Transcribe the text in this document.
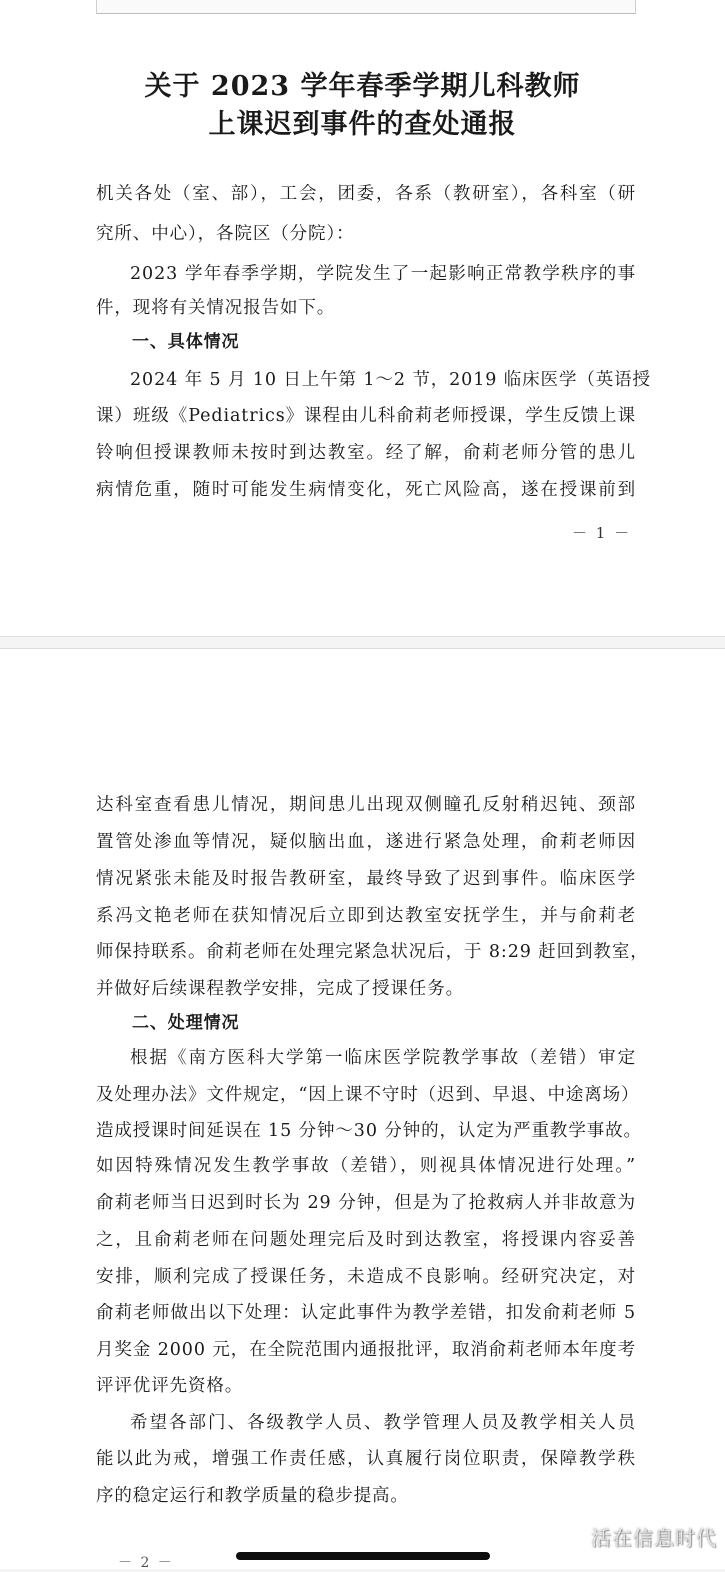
关于 2023 学年春季学期儿科教师
上课迟到事件的查处通报
机关各处（室、部），工会，团委，各系（教研室），各科室（研
究所、中心），各院区（分院）：
2023 学年春季学期，学院发生了一起影响正常教学秩序的事
件，现将有关情况报告如下。
一、具体情况
2024 年 5 月 10 日上午第 1～2 节，2019 临床医学（英语授
课）班级《Pediatrics》课程由儿科俞莉老师授课，学生反馈上课
铃响但授课教师未按时到达教室。经了解，俞莉老师分管的患儿
病情危重，随时可能发生病情变化，死亡风险高，遂在授课前到
－ 1 －
达科室查看患儿情况，期间患儿出现双侧瞳孔反射稍迟钝、颈部
置管处渗血等情况，疑似脑出血，遂进行紧急处理，俞莉老师因
情况紧张未能及时报告教研室，最终导致了迟到事件。临床医学
系冯文艳老师在获知情况后立即到达教室安抚学生，并与俞莉老
师保持联系。俞莉老师在处理完紧急状况后，于 8:29 赶回到教室，
并做好后续课程教学安排，完成了授课任务。
二、处理情况
根据《南方医科大学第一临床医学院教学事故（差错）审定
及处理办法》文件规定，“因上课不守时（迟到、早退、中途离场）
造成授课时间延误在 15 分钟～30 分钟的，认定为严重教学事故。
如因特殊情况发生教学事故（差错），则视具体情况进行处理。”
俞莉老师当日迟到时长为 29 分钟，但是为了抢救病人并非故意为
之，且俞莉老师在问题处理完后及时到达教室，将授课内容妥善
安排，顺利完成了授课任务，未造成不良影响。经研究决定，对
俞莉老师做出以下处理：认定此事件为教学差错，扣发俞莉老师 5
月奖金 2000 元，在全院范围内通报批评，取消俞莉老师本年度考
评评优评先资格。
希望各部门、各级教学人员、教学管理人员及教学相关人员
能以此为戒，增强工作责任感，认真履行岗位职责，保障教学秩
序的稳定运行和教学质量的稳步提高。
－ 2 －
活在信息时代
